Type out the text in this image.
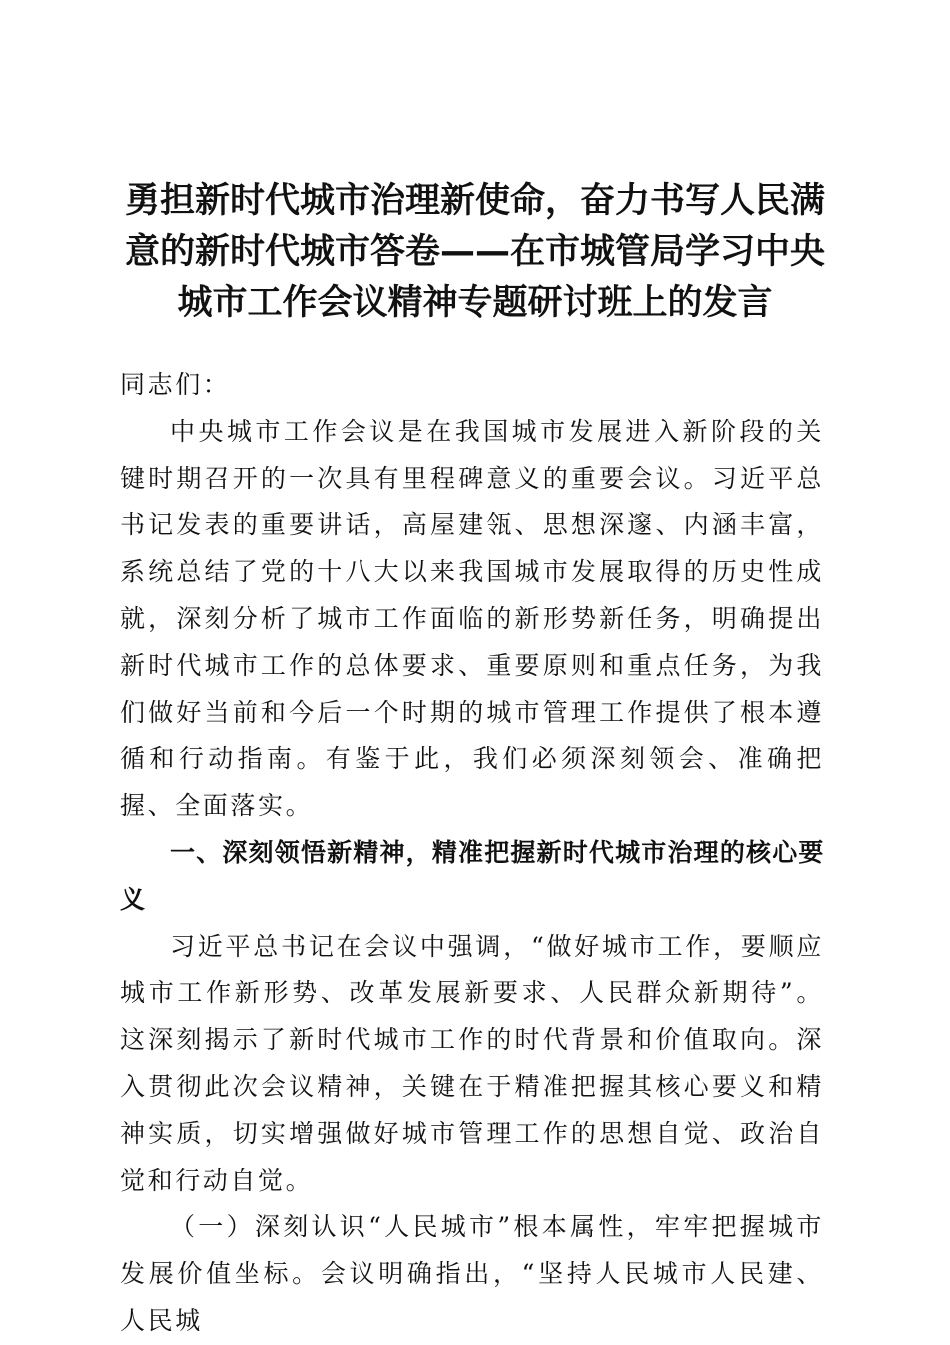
勇担新时代城市治理新使命，奋力书写人民满意的新时代城市答卷——在市城管局学习中央城市工作会议精神专题研讨班上的发言

同志们：

中央城市工作会议是在我国城市发展进入新阶段的关键时期召开的一次具有里程碑意义的重要会议。习近平总书记发表的重要讲话，高屋建瓴、思想深邃、内涵丰富，系统总结了党的十八大以来我国城市发展取得的历史性成就，深刻分析了城市工作面临的新形势新任务，明确提出新时代城市工作的总体要求、重要原则和重点任务，为我们做好当前和今后一个时期的城市管理工作提供了根本遵循和行动指南。有鉴于此，我们必须深刻领会、准确把握、全面落实。

一、深刻领悟新精神，精准把握新时代城市治理的核心要义

习近平总书记在会议中强调，“做好城市工作，要顺应城市工作新形势、改革发展新要求、人民群众新期待”。这深刻揭示了新时代城市工作的时代背景和价值取向。深入贯彻此次会议精神，关键在于精准把握其核心要义和精神实质，切实增强做好城市管理工作的思想自觉、政治自觉和行动自觉。

（一）深刻认识“人民城市”根本属性，牢牢把握城市发展价值坐标。会议明确指出，“坚持人民城市人民建、人民城
